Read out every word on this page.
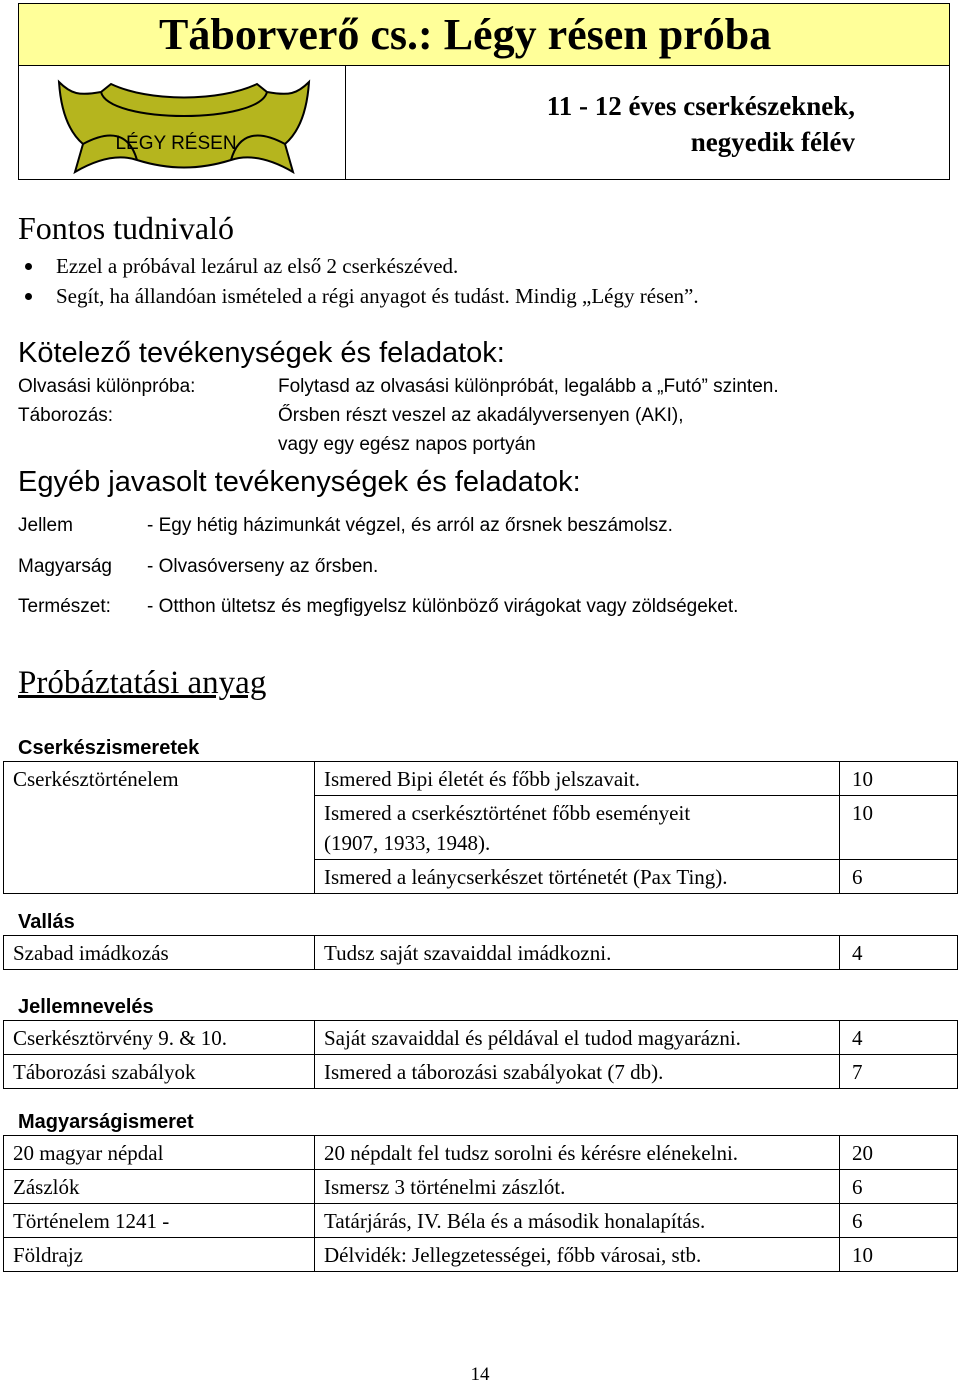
Táborverő cs.: Légy résen próba
LÉGY RÉSEN
11 - 12 éves cserkészeknek,
negyedik félév
Fontos tudnivaló
Ezzel a próbával lezárul az első 2 cserkészéved.
Segít, ha állandóan ismételed a régi anyagot és tudást. Mindig „Légy résen”.
Kötelező tevékenységek és feladatok:
Olvasási különpróba:	Folytasd az olvasási különpróbát, legalább a „Futó” szinten.
Táborozás:	Őrsben részt veszel az akadályversenyen (AKI),
vagy egy egész napos portyán
Egyéb javasolt tevékenységek és feladatok:
Jellem	- Egy hétig házimunkát végzel, és arról az őrsnek beszámolsz.
Magyarság - Olvasóverseny az őrsben.
Természet: - Otthon ültetsz és megfigyelsz különböző virágokat vagy zöldségeket.
Próbáztatási anyag
Cserkészismeretek
Cserkésztörténelem	Ismered Bipi életét és főbb jelszavait.	10

	Ismered a cserkésztörténet főbb eseményeit
(1907, 1933, 1948).	10
	Ismered a leánycserkészet történetét (Pax Ting).	6
Vallás
Szabad imádkozás	Tudsz saját szavaiddal imádkozni.	4
Jellemnevelés
Cserkésztörvény 9. & 10.	Saját szavaiddal és példával el tudod magyarázni.	4
Táborozási szabályok	Ismered a táborozási szabályokat (7 db).	7
Magyarságismeret
20 magyar népdal	20 népdalt fel tudsz sorolni és kérésre elénekelni.	20
Zászlók	Ismersz 3 történelmi zászlót.	6
Történelem 1241 -	Tatárjárás, IV. Béla és a második honalapítás.	6
Földrajz	Délvidék: Jellegzetességei, főbb városai, stb.	10
14
